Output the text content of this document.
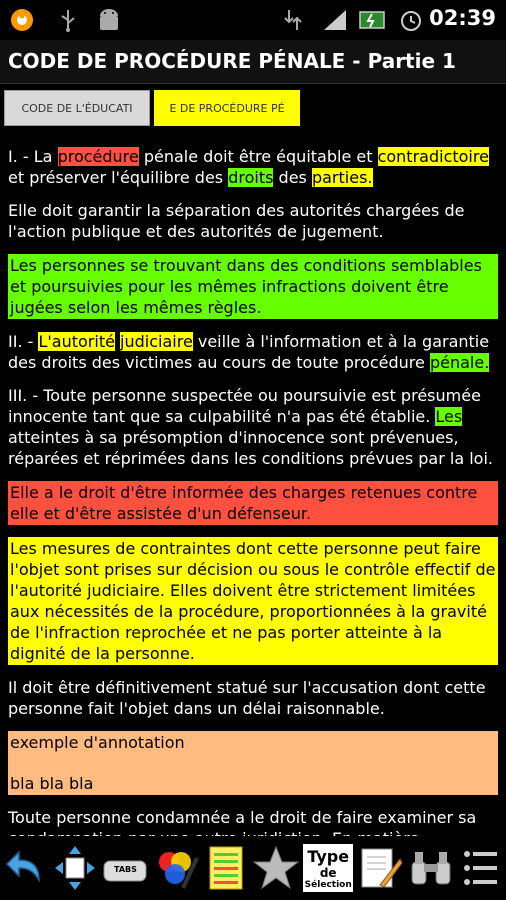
02:39
CODE DE PROCÉDURE PÉNALE - Partie 1
CODE DE L'ÉDUCATI	E DE PROCÉDURE PÉ

I. - La procédure pénale doit être équitable et contradictoire et préserver l'équilibre des droits des parties.

Elle doit garantir la séparation des autorités chargées de l'action publique et des autorités de jugement.

Les personnes se trouvant dans des conditions semblables et poursuivies pour les mêmes infractions doivent être jugées selon les mêmes règles.

II. - L'autorité judiciaire veille à l'information et à la garantie des droits des victimes au cours de toute procédure pénale.

III. - Toute personne suspectée ou poursuivie est présumée innocente tant que sa culpabilité n'a pas été établie. Les atteintes à sa présomption d'innocence sont prévenues, réparées et réprimées dans les conditions prévues par la loi.

Elle a le droit d'être informée des charges retenues contre elle et d'être assistée d'un défenseur.
Les mesures de contraintes dont cette personne peut faire l'objet sont prises sur décision ou sous le contrôle effectif de l'autorité judiciaire. Elles doivent être strictement limitées aux nécessités de la procédure, proportionnées à la gravité de l'infraction reprochée et ne pas porter atteinte à la dignité de la personne.

Il doit être définitivement statué sur l'accusation dont cette personne fait l'objet dans un délai raisonnable.

exemple d'annotation
bla bla bla

Toute personne condamnée a le droit de faire examiner sa

TABS
Type
de
Sélection
